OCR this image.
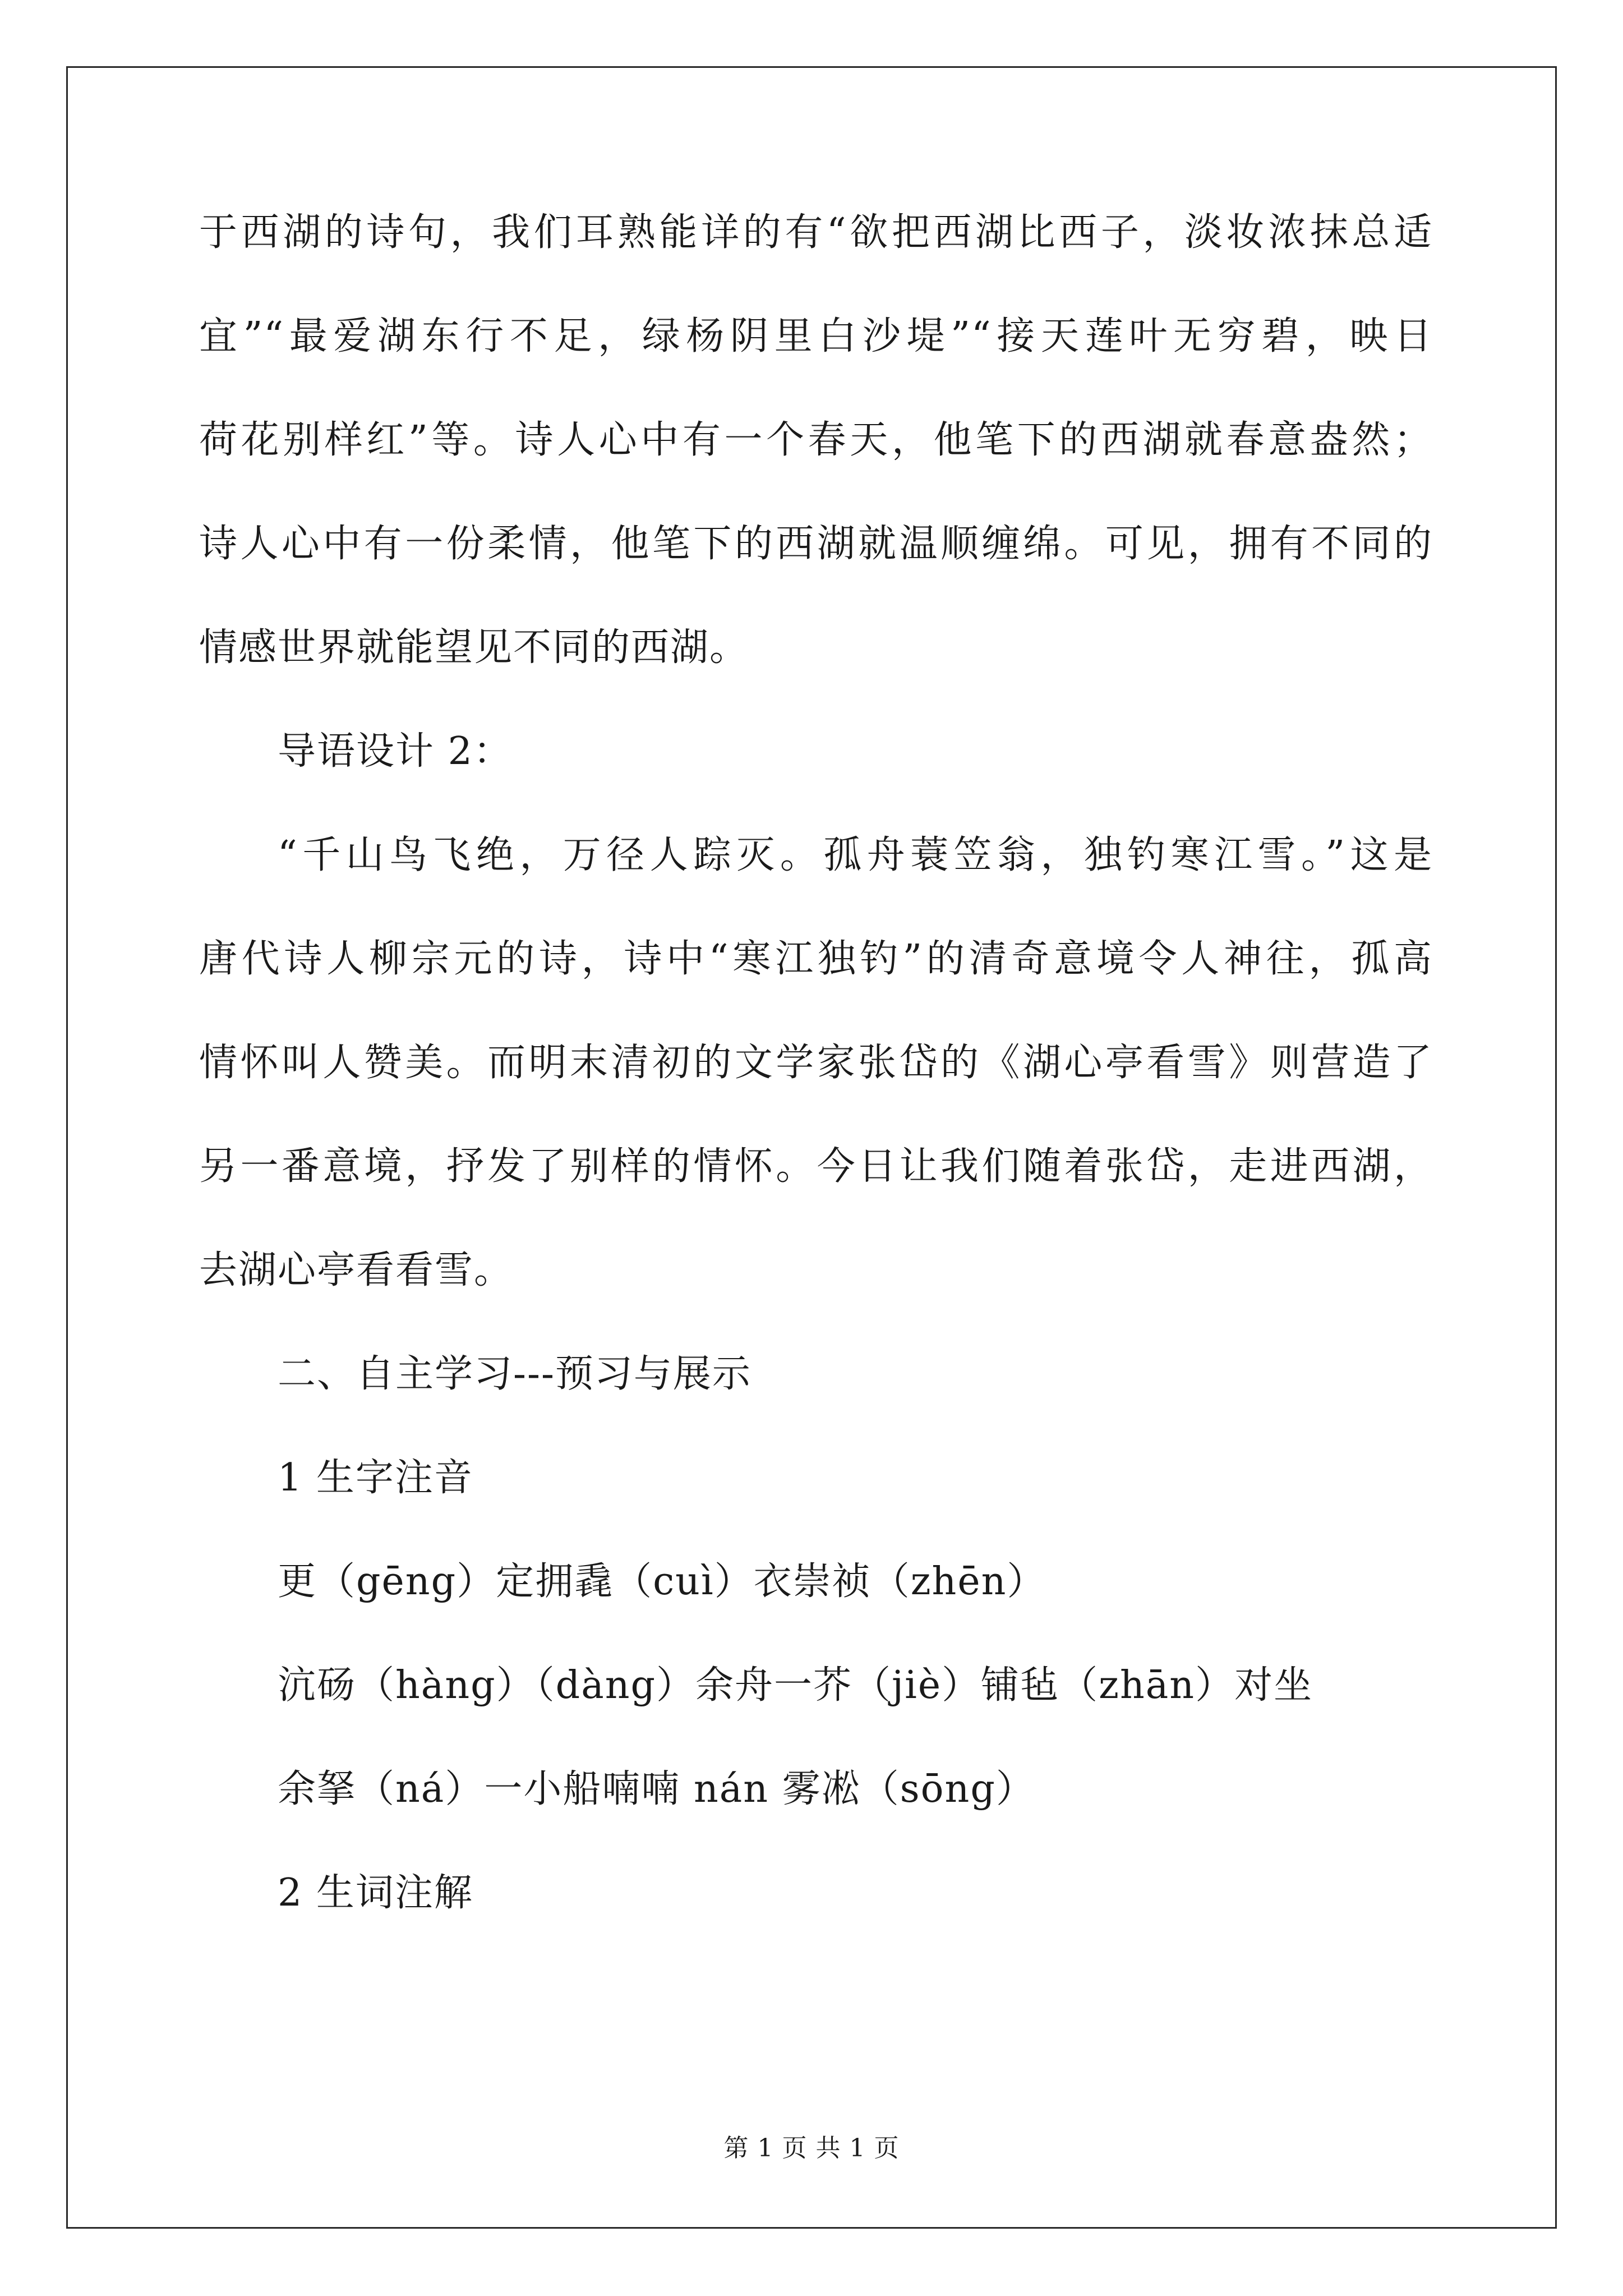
于西湖的诗句，我们耳熟能详的有“欲把西湖比西子，淡妆浓抹总适
宜”“最爱湖东行不足，绿杨阴里白沙堤”“接天莲叶无穷碧，映日
荷花别样红”等。诗人心中有一个春天，他笔下的西湖就春意盎然；
诗人心中有一份柔情，他笔下的西湖就温顺缠绵。可见，拥有不同的
情感世界就能望见不同的西湖。
导语设计 2：
“千山鸟飞绝，万径人踪灭。孤舟蓑笠翁，独钓寒江雪。”这是
唐代诗人柳宗元的诗，诗中“寒江独钓”的清奇意境令人神往，孤高
情怀叫人赞美。而明末清初的文学家张岱的《湖心亭看雪》则营造了
另一番意境，抒发了别样的情怀。今日让我们随着张岱，走进西湖，
去湖心亭看看雪。
二、自主学习---预习与展示
1 生字注音
更（gēng）定拥毳（cuì）衣崇祯（zhēn）
沆砀（hàng）（dàng）余舟一芥（jiè）铺毡（zhān）对坐
余拏（ná）一小船喃喃 nán 雾凇（sōng）
2 生词注解
第 1 页 共 1 页
